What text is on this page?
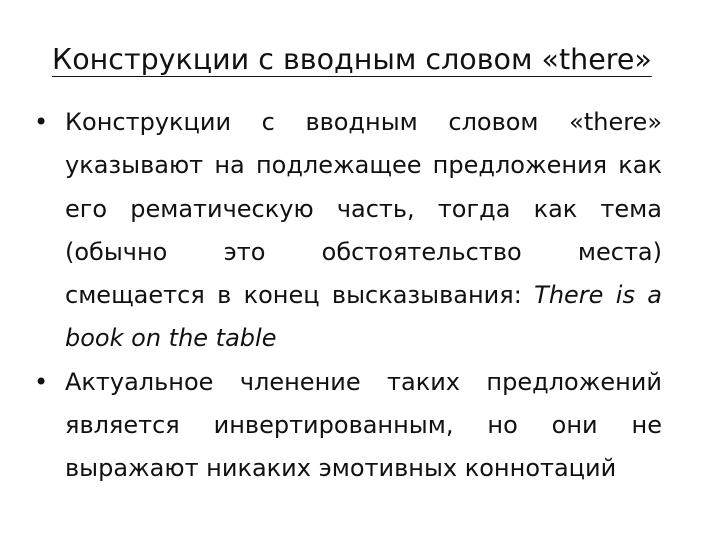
Конструкции с вводным словом «there»
• Конструкции с вводным словом «there» указывают на подлежащее предложения как его рематическую часть, тогда как тема (обычно это обстоятельство места) смещается в конец высказывания: There is a book on the table
• Актуальное членение таких предложений является инвертированным, но они не выражают никаких эмотивных коннотаций
